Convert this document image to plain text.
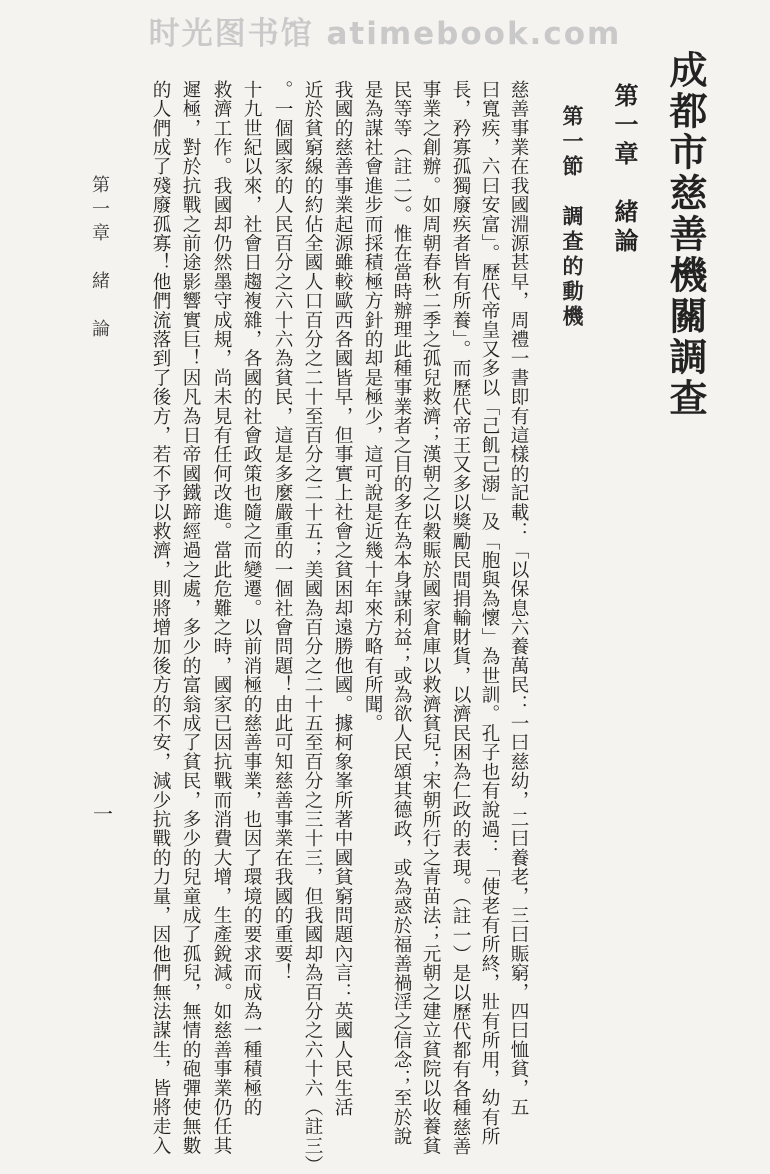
时光图书馆 atimebook.com
成都市慈善機關調查
第一章　緒論
第一節　調查的動機
慈善事業在我國淵源甚早，周禮一書即有這樣的記載：「以保息六養萬民：一曰慈幼，二曰養老，三曰賑窮，四曰恤貧，五
曰寬疾，六曰安富」。歷代帝皇又多以「己飢己溺」及「胞與為懷」為世訓。孔子也有說過：「使老有所終，壯有所用，幼有所
長，矜寡孤獨廢疾者皆有所養」。而歷代帝王又多以獎勵民間捐輸財貨，以濟民困為仁政的表現。（註一）是以歷代都有各種慈善
事業之創辦。如周朝春秋二季之孤兒救濟；漢朝之以穀賑於國家倉庫以救濟貧兒；宋朝所行之青苗法；元朝之建立貧院以收養貧
民等等（註二）。惟在當時辦理此種事業者之目的多在為本身謀利益；或為欲人民頌其德政，或為惑於福善禍淫之信念；至於說
是為謀社會進步而採積極方針的却是極少，這可說是近幾十年來方略有所聞。
我國的慈善事業起源雖較歐西各國皆早，但事實上社會之貧困却遠勝他國。據柯象峯所著中國貧窮問題內言：英國人民生活
近於貧窮線的約佔全國人口百分之二十至百分之二十五；美國為百分之二十五至百分之三十三，但我國却為百分之六十六（註三）
。一個國家的人民百分之六十六為貧民，這是多麼嚴重的一個社會問題！由此可知慈善事業在我國的重要！
十九世紀以來，社會日趨複雜，各國的社會政策也隨之而變遷。以前消極的慈善事業，也因了環境的要求而成為一種積極的
救濟工作。我國却仍然墨守成規，尚未見有任何改進。當此危難之時，國家已因抗戰而消費大增，生產銳減。如慈善事業仍任其
遲極，對於抗戰之前途影響實巨！因凡為日帝國鐵蹄經過之處，多少的富翁成了貧民，多少的兒童成了孤兒，無情的砲彈使無數
的人們成了殘廢孤寡！他們流落到了後方，若不予以救濟，則將增加後方的不安，減少抗戰的力量，因他們無法謀生，皆將走入
第一章　緒　論
一
